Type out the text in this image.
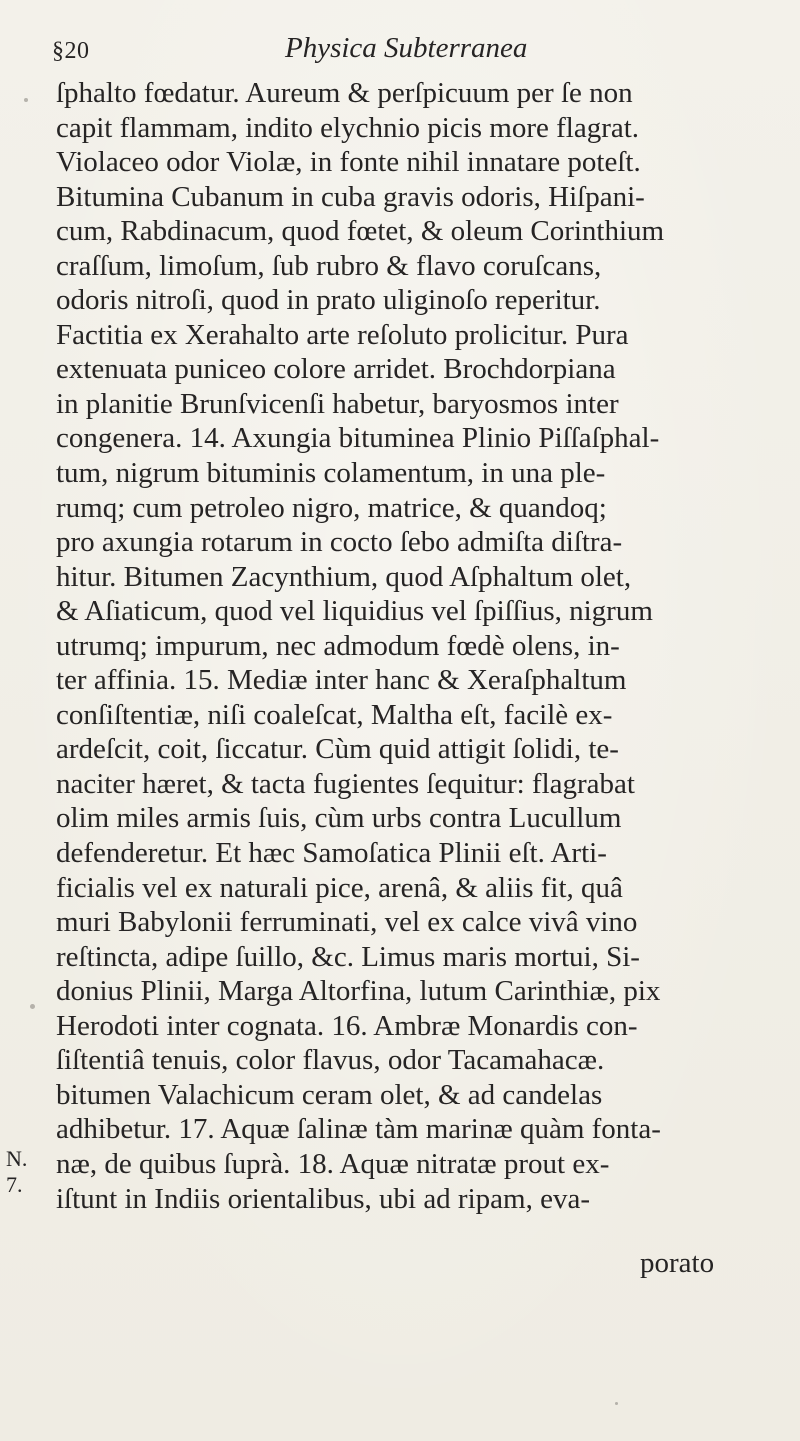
§20	Physica Subterranea
ſphalto fœdatur. Aureum & perſpicuum per ſe non
capit flammam, indito elychnio picis more flagrat.
Violaceo odor Violæ, in fonte nihil innatare poteſt.
Bitumina Cubanum in cuba gravis odoris, Hiſpani-
cum, Rabdinacum, quod fœtet, & oleum Corinthium
craſſum, limoſum, ſub rubro & flavo coruſcans,
odoris nitroſi, quod in prato uliginoſo reperitur.
Factitia ex Xerahalto arte reſoluto prolicitur. Pura
extenuata puniceo colore arridet. Brochdorpiana
in planitie Brunſvicenſi habetur, baryosmos inter
congenera. 14. Axungia bituminea Plinio Piſſaſphal-
tum, nigrum bituminis colamentum, in una ple-
rumq; cum petroleo nigro, matrice, & quandoq;
pro axungia rotarum in cocto ſebo admiſta diſtra-
hitur. Bitumen Zacynthium, quod Aſphaltum olet,
& Aſiaticum, quod vel liquidius vel ſpiſſius, nigrum
utrumq; impurum, nec admodum fœdè olens, in-
ter affinia. 15. Mediæ inter hanc & Xeraſphaltum
conſiſtentiæ, niſi coaleſcat, Maltha eſt, facilè ex-
ardeſcit, coit, ſiccatur. Cùm quid attigit ſolidi, te-
naciter hæret, & tacta fugientes ſequitur: flagrabat
olim miles armis ſuis, cùm urbs contra Lucullum
defenderetur. Et hæc Samoſatica Plinii eſt. Arti-
ficialis vel ex naturali pice, arenâ, & aliis fit, quâ
muri Babylonii ferruminati, vel ex calce vivâ vino
reſtincta, adipe ſuillo, &c. Limus maris mortui, Si-
donius Plinii, Marga Altorfina, lutum Carinthiæ, pix
Herodoti inter cognata. 16. Ambræ Monardis con-
ſiſtentiâ tenuis, color flavus, odor Tacamahacæ.
bitumen Valachicum ceram olet, & ad candelas
adhibetur. 17. Aquæ ſalinæ tàm marinæ quàm fonta-
næ, de quibus ſuprà. 18. Aquæ nitratæ prout ex-
iſtunt in Indiis orientalibus, ubi ad ripam, eva-
N.
7.
porato
